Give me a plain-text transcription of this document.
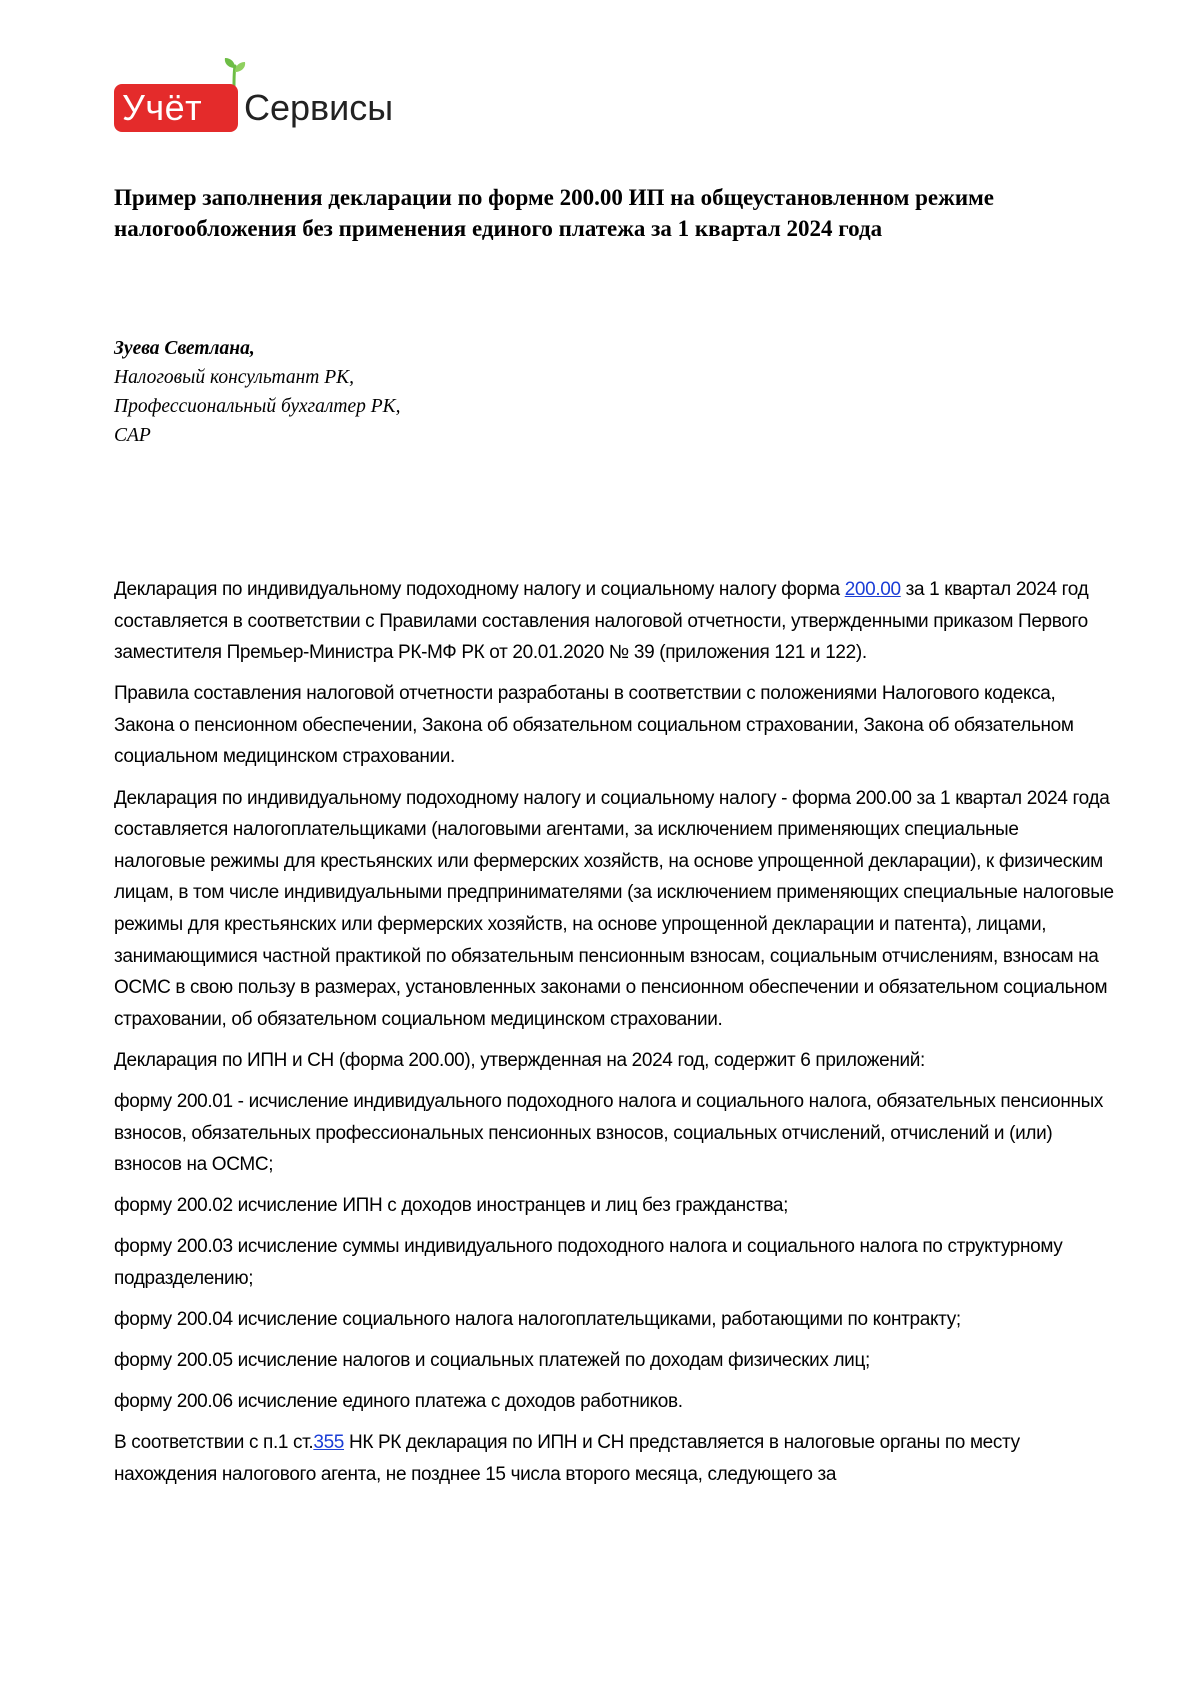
Учёт Сервисы
Пример заполнения декларации по форме 200.00 ИП на общеустановленном режиме налогообложения без применения единого платежа за 1 квартал 2024 года
Зуева Светлана,
Налоговый консультант РК,
Профессиональный бухгалтер РК,
CAP

Декларация по индивидуальному подоходному налогу и социальному налогу форма 200.00 за 1 квартал 2024 год составляется в соответствии с Правилами составления налоговой отчетности, утвержденными приказом Первого заместителя Премьер-Министра РК-МФ РК от 20.01.2020 № 39 (приложения 121 и 122).

Правила составления налоговой отчетности разработаны в соответствии с положениями Налогового кодекса, Закона о пенсионном обеспечении, Закона об обязательном социальном страховании, Закона об обязательном социальном медицинском страховании.

Декларация по индивидуальному подоходному налогу и социальному налогу - форма 200.00 за 1 квартал 2024 года составляется налогоплательщиками (налоговыми агентами, за исключением применяющих специальные налоговые режимы для крестьянских или фермерских хозяйств, на основе упрощенной декларации), к физическим лицам, в том числе индивидуальными предпринимателями (за исключением применяющих специальные налоговые режимы для крестьянских или фермерских хозяйств, на основе упрощенной декларации и патента), лицами, занимающимися частной практикой по обязательным пенсионным взносам, социальным отчислениям, взносам на ОСМС в свою пользу в размерах, установленных законами о пенсионном обеспечении и обязательном социальном страховании, об обязательном социальном медицинском страховании.

Декларация по ИПН и СН (форма 200.00), утвержденная на 2024 год, содержит 6 приложений:

форму 200.01 - исчисление индивидуального подоходного налога и социального налога, обязательных пенсионных взносов, обязательных профессиональных пенсионных взносов, социальных отчислений, отчислений и (или) взносов на ОСМС;

форму 200.02 исчисление ИПН с доходов иностранцев и лиц без гражданства;

форму 200.03 исчисление суммы индивидуального подоходного налога и социального налога по структурному подразделению;

форму 200.04 исчисление социального налога налогоплательщиками, работающими по контракту;

форму 200.05 исчисление налогов и социальных платежей по доходам физических лиц;

форму 200.06 исчисление единого платежа с доходов работников.

В соответствии с п.1 ст.355 НК РК декларация по ИПН и СН представляется в налоговые органы по месту нахождения налогового агента, не позднее 15 числа второго месяца, следующего за
